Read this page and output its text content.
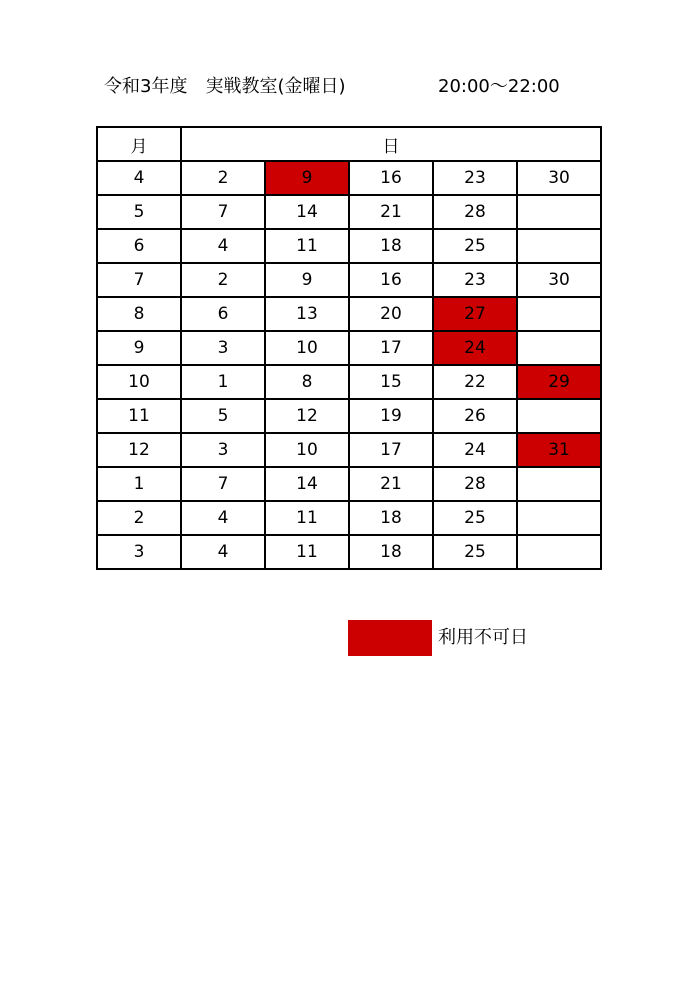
令和3年度　実戦教室(金曜日)	20:00～22:00
月	日				
4	2	9	16	23	30
5	7	14	21	28	
6	4	11	18	25	
7	2	9	16	23	30
8	6	13	20	27	
9	3	10	17	24	
10	1	8	15	22	29
11	5	12	19	26	
12	3	10	17	24	31
1	7	14	21	28	
2	4	11	18	25	
3	4	11	18	25	
利用不可日
